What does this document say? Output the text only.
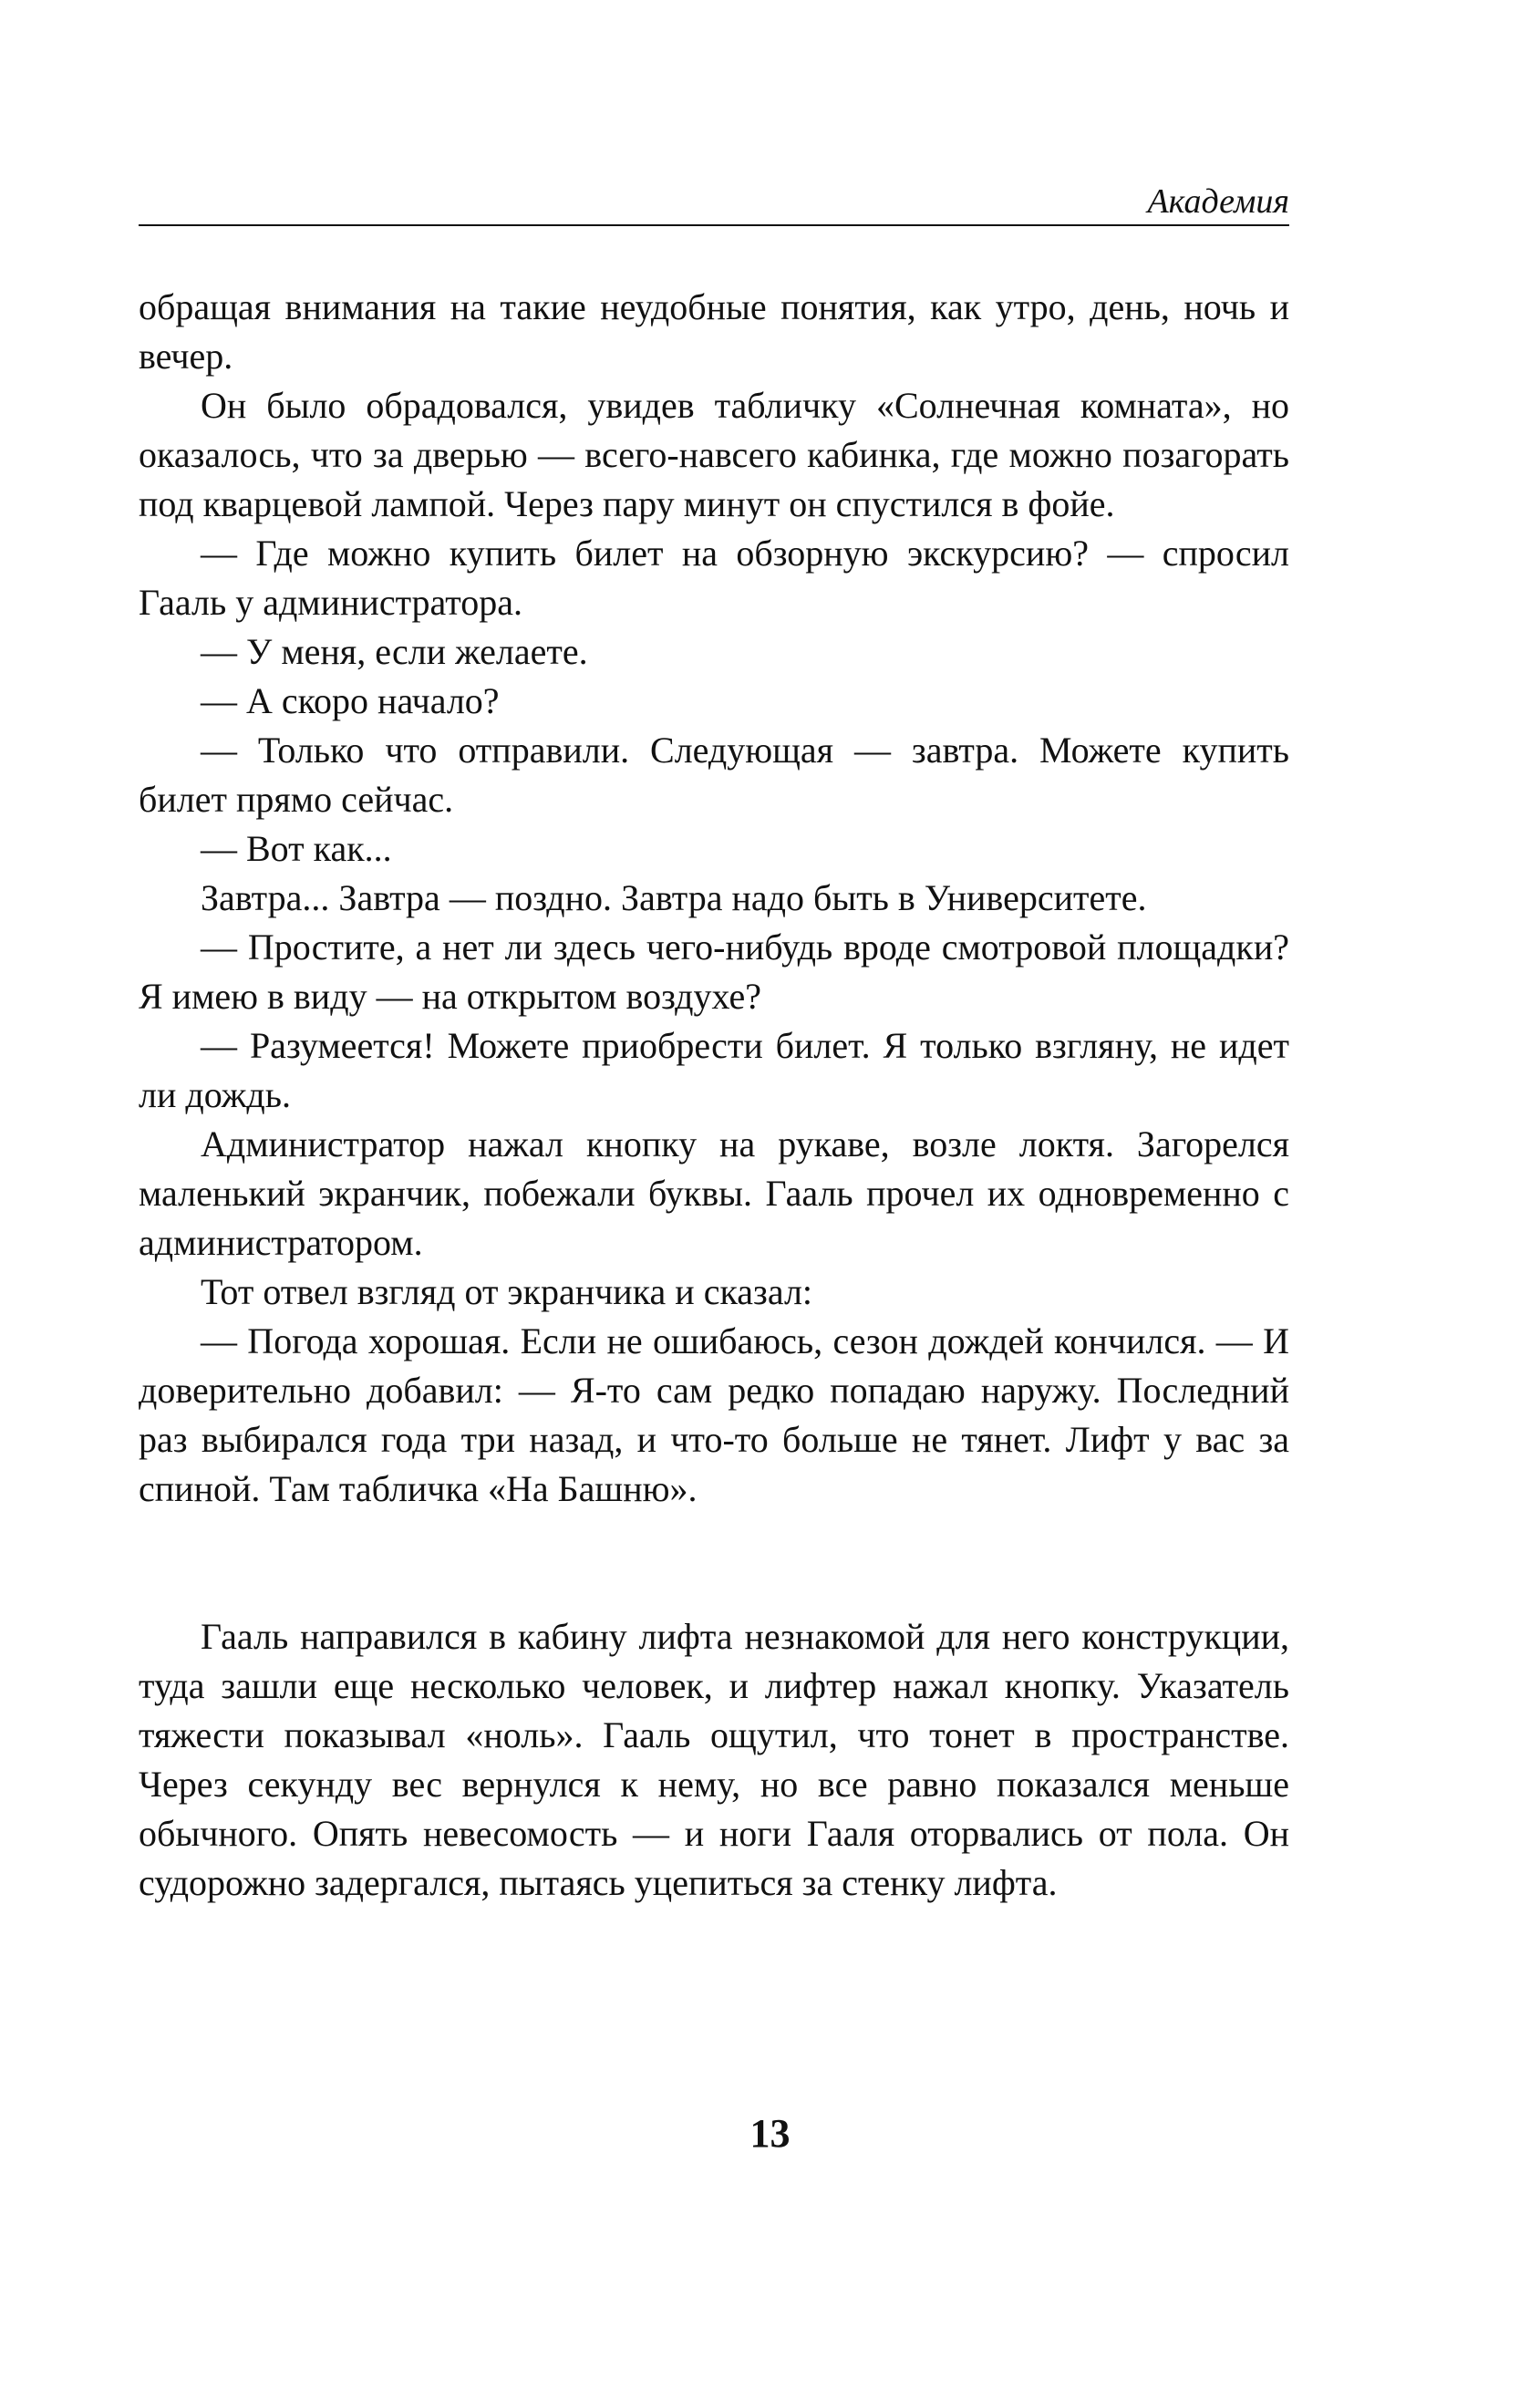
Академия

обращая внимания на такие неудобные понятия, как утро, день, ночь и вечер.

Он было обрадовался, увидев табличку «Солнечная комната», но оказалось, что за дверью — всего-навсего кабинка, где можно позагорать под кварцевой лампой. Через пару минут он спустился в фойе.

— Где можно купить билет на обзорную экскурсию? — спросил Гааль у администратора.

— У меня, если желаете.

— А скоро начало?

— Только что отправили. Следующая — завтра. Можете купить билет прямо сейчас.

— Вот как...

Завтра... Завтра — поздно. Завтра надо быть в Университете.

— Простите, а нет ли здесь чего-нибудь вроде смотровой площадки? Я имею в виду — на открытом воздухе?

— Разумеется! Можете приобрести билет. Я только взгляну, не идет ли дождь.

Администратор нажал кнопку на рукаве, возле локтя. Загорелся маленький экранчик, побежали буквы. Гааль прочел их одновременно с администратором.

Тот отвел взгляд от экранчика и сказал:

— Погода хорошая. Если не ошибаюсь, сезон дождей кончился. — И доверительно добавил: — Я-то сам редко попадаю наружу. Последний раз выбирался года три назад, и что-то больше не тянет. Лифт у вас за спиной. Там табличка «На Башню».

Гааль направился в кабину лифта незнакомой для него конструкции, туда зашли еще несколько человек, и лифтер нажал кнопку. Указатель тяжести показывал «ноль». Гааль ощутил, что тонет в пространстве. Через секунду вес вернулся к нему, но все равно показался меньше обычного. Опять невесомость — и ноги Гааля оторвались от пола. Он судорожно задергался, пытаясь уцепиться за стенку лифта.

13
